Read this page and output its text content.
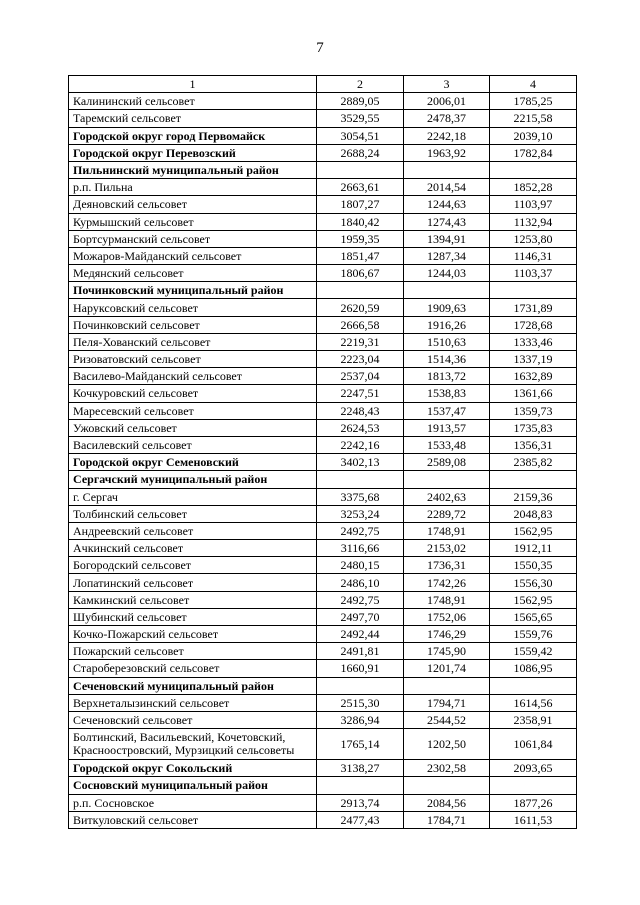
7
1	2	3	4
Калининский сельсовет	2889,05	2006,01	1785,25
Таремский сельсовет	3529,55	2478,37	2215,58
Городской округ город Первомайск	3054,51	2242,18	2039,10
Городской округ Перевозский	2688,24	1963,92	1782,84
Пильнинский муниципальный район			
р.п. Пильна	2663,61	2014,54	1852,28
Деяновский сельсовет	1807,27	1244,63	1103,97
Курмышский сельсовет	1840,42	1274,43	1132,94
Бортсурманский сельсовет	1959,35	1394,91	1253,80
Можаров-Майданский сельсовет	1851,47	1287,34	1146,31
Медянский сельсовет	1806,67	1244,03	1103,37
Починковский муниципальный район			
Наруксовский сельсовет	2620,59	1909,63	1731,89
Починковский сельсовет	2666,58	1916,26	1728,68
Пеля-Хованский сельсовет	2219,31	1510,63	1333,46
Ризоватовский сельсовет	2223,04	1514,36	1337,19
Василево-Майданский сельсовет	2537,04	1813,72	1632,89
Кочкуровский сельсовет	2247,51	1538,83	1361,66
Маресевский сельсовет	2248,43	1537,47	1359,73
Ужовский сельсовет	2624,53	1913,57	1735,83
Василевский сельсовет	2242,16	1533,48	1356,31
Городской округ Семеновский	3402,13	2589,08	2385,82
Сергачский муниципальный район			
г. Сергач	3375,68	2402,63	2159,36
Толбинский сельсовет	3253,24	2289,72	2048,83
Андреевский сельсовет	2492,75	1748,91	1562,95
Ачкинский сельсовет	3116,66	2153,02	1912,11
Богородский сельсовет	2480,15	1736,31	1550,35
Лопатинский сельсовет	2486,10	1742,26	1556,30
Камкинский сельсовет	2492,75	1748,91	1562,95
Шубинский сельсовет	2497,70	1752,06	1565,65
Кочко-Пожарский сельсовет	2492,44	1746,29	1559,76
Пожарский сельсовет	2491,81	1745,90	1559,42
Староберезовский сельсовет	1660,91	1201,74	1086,95
Сеченовский муниципальный район			
Верхнеталызинский сельсовет	2515,30	1794,71	1614,56
Сеченовский сельсовет	3286,94	2544,52	2358,91
Болтинский, Васильевский, Кочетовский, Красноостровский, Мурзицкий сельсоветы	1765,14	1202,50	1061,84
Городской округ Сокольский	3138,27	2302,58	2093,65
Сосновский муниципальный район			
р.п. Сосновское	2913,74	2084,56	1877,26
Виткуловский сельсовет	2477,43	1784,71	1611,53
